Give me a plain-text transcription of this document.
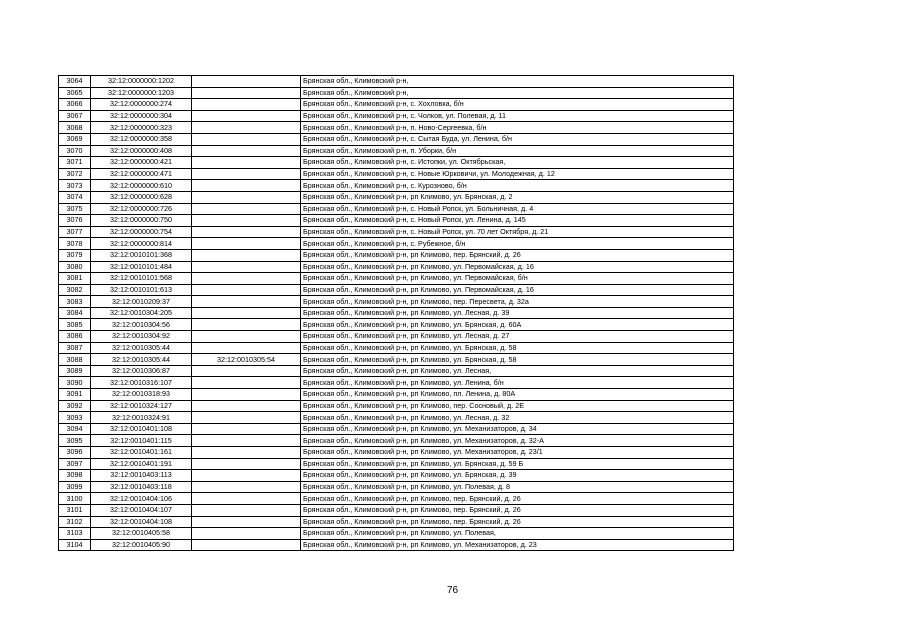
3064	32:12:0000000:1202		Брянская обл., Климовский р-н,
3065	32:12:0000000:1203		Брянская обл., Климовский р-н,
3066	32:12:0000000:274		Брянская обл., Климовский р-н, с. Хохловка, б/н
3067	32:12:0000000:304		Брянская обл., Климовский р-н, с. Чолков, ул. Полевая, д. 11
3068	32:12:0000000:323		Брянская обл., Климовский р-н, п. Ново-Сергеевка, б/н
3069	32:12:0000000:358		Брянская обл., Климовский р-н, с. Сытая Буда, ул. Ленина, б/н
3070	32:12:0000000:408		Брянская обл., Климовский р-н, п. Уборки, б/н
3071	32:12:0000000:421		Брянская обл., Климовский р-н, с. Истопки, ул. Октябрьская,
3072	32:12:0000000:471		Брянская обл., Климовский р-н, с. Новые Юрковичи, ул. Молодежная, д. 12
3073	32:12:0000000:610		Брянская обл., Климовский р-н, с. Курозново, б/н
3074	32:12:0000000:628		Брянская обл., Климовский р-н, рп Климово, ул. Брянская, д. 2
3075	32:12:0000000:726		Брянская обл., Климовский р-н, с. Новый Ропск, ул. Больничная, д. 4
3076	32:12:0000000:750		Брянская обл., Климовский р-н, с. Новый Ропск, ул. Ленина, д. 145
3077	32:12:0000000:754		Брянская обл., Климовский р-н, с. Новый Ропск, ул. 70 лет Октября, д. 21
3078	32:12:0000000:814		Брянская обл., Климовский р-н, с. Рубежное, б/н
3079	32:12:0010101:368		Брянская обл., Климовский р-н, рп Климово, пер. Брянский, д. 26
3080	32:12:0010101:484		Брянская обл., Климовский р-н, рп Климово, ул. Первомайская, д. 16
3081	32:12:0010101:568		Брянская обл., Климовский р-н, рп Климово, ул. Первомайская, б/н
3082	32:12:0010101:613		Брянская обл., Климовский р-н, рп Климово, ул. Первомайская, д. 16
3083	32:12:0010209:37		Брянская обл., Климовский р-н, рп Климово, пер. Пересвета, д. 32а
3084	32:12:0010304:205		Брянская обл., Климовский р-н, рп Климово, ул. Лесная, д. 39
3085	32:12:0010304:56		Брянская обл., Климовский р-н, рп Климово, ул. Брянская, д. 60А
3086	32:12:0010304:92		Брянская обл., Климовский р-н, рп Климово, ул. Лесная, д. 27
3087	32:12:0010305:44		Брянская обл., Климовский р-н, рп Климово, ул. Брянская, д. 58
3088	32:12:0010305:44	32:12:0010305:54	Брянская обл., Климовский р-н, рп Климово, ул. Брянская, д. 58
3089	32:12:0010306:87		Брянская обл., Климовский р-н, рп Климово, ул. Лесная,
3090	32:12:0010316:107		Брянская обл., Климовский р-н, рп Климово, ул. Ленина, б/н
3091	32:12:0010318:93		Брянская обл., Климовский р-н, рп Климово, пл. Ленина, д. 80А
3092	32:12:0010324:127		Брянская обл., Климовский р-н, рп Климово, пер. Сосновый, д. 2Е
3093	32:12:0010324:91		Брянская обл., Климовский р-н, рп Климово, ул. Лесная, д. 32
3094	32:12:0010401:108		Брянская обл., Климовский р-н, рп Климово, ул. Механизаторов, д. 34
3095	32:12:0010401:115		Брянская обл., Климовский р-н, рп Климово, ул. Механизаторов, д. 32-А
3096	32:12:0010401:161		Брянская обл., Климовский р-н, рп Климово, ул. Механизаторов, д. 23/1
3097	32:12:0010401:191		Брянская обл., Климовский р-н, рп Климово, ул. Брянская, д. 59 Б
3098	32:12:0010403:113		Брянская обл., Климовский р-н, рп Климово, ул. Брянская, д. 39
3099	32:12:0010403:118		Брянская обл., Климовский р-н, рп Климово, ул. Полевая, д. 8
3100	32:12:0010404:106		Брянская обл., Климовский р-н, рп Климово, пер. Брянский, д. 26
3101	32:12:0010404:107		Брянская обл., Климовский р-н, рп Климово, пер. Брянский, д. 26
3102	32:12:0010404:108		Брянская обл., Климовский р-н, рп Климово, пер. Брянский, д. 26
3103	32:12:0010405:58		Брянская обл., Климовский р-н, рп Климово, ул. Полевая,
3104	32:12:0010405:90		Брянская обл., Климовский р-н, рп Климово, ул. Механизаторов, д. 23
76
